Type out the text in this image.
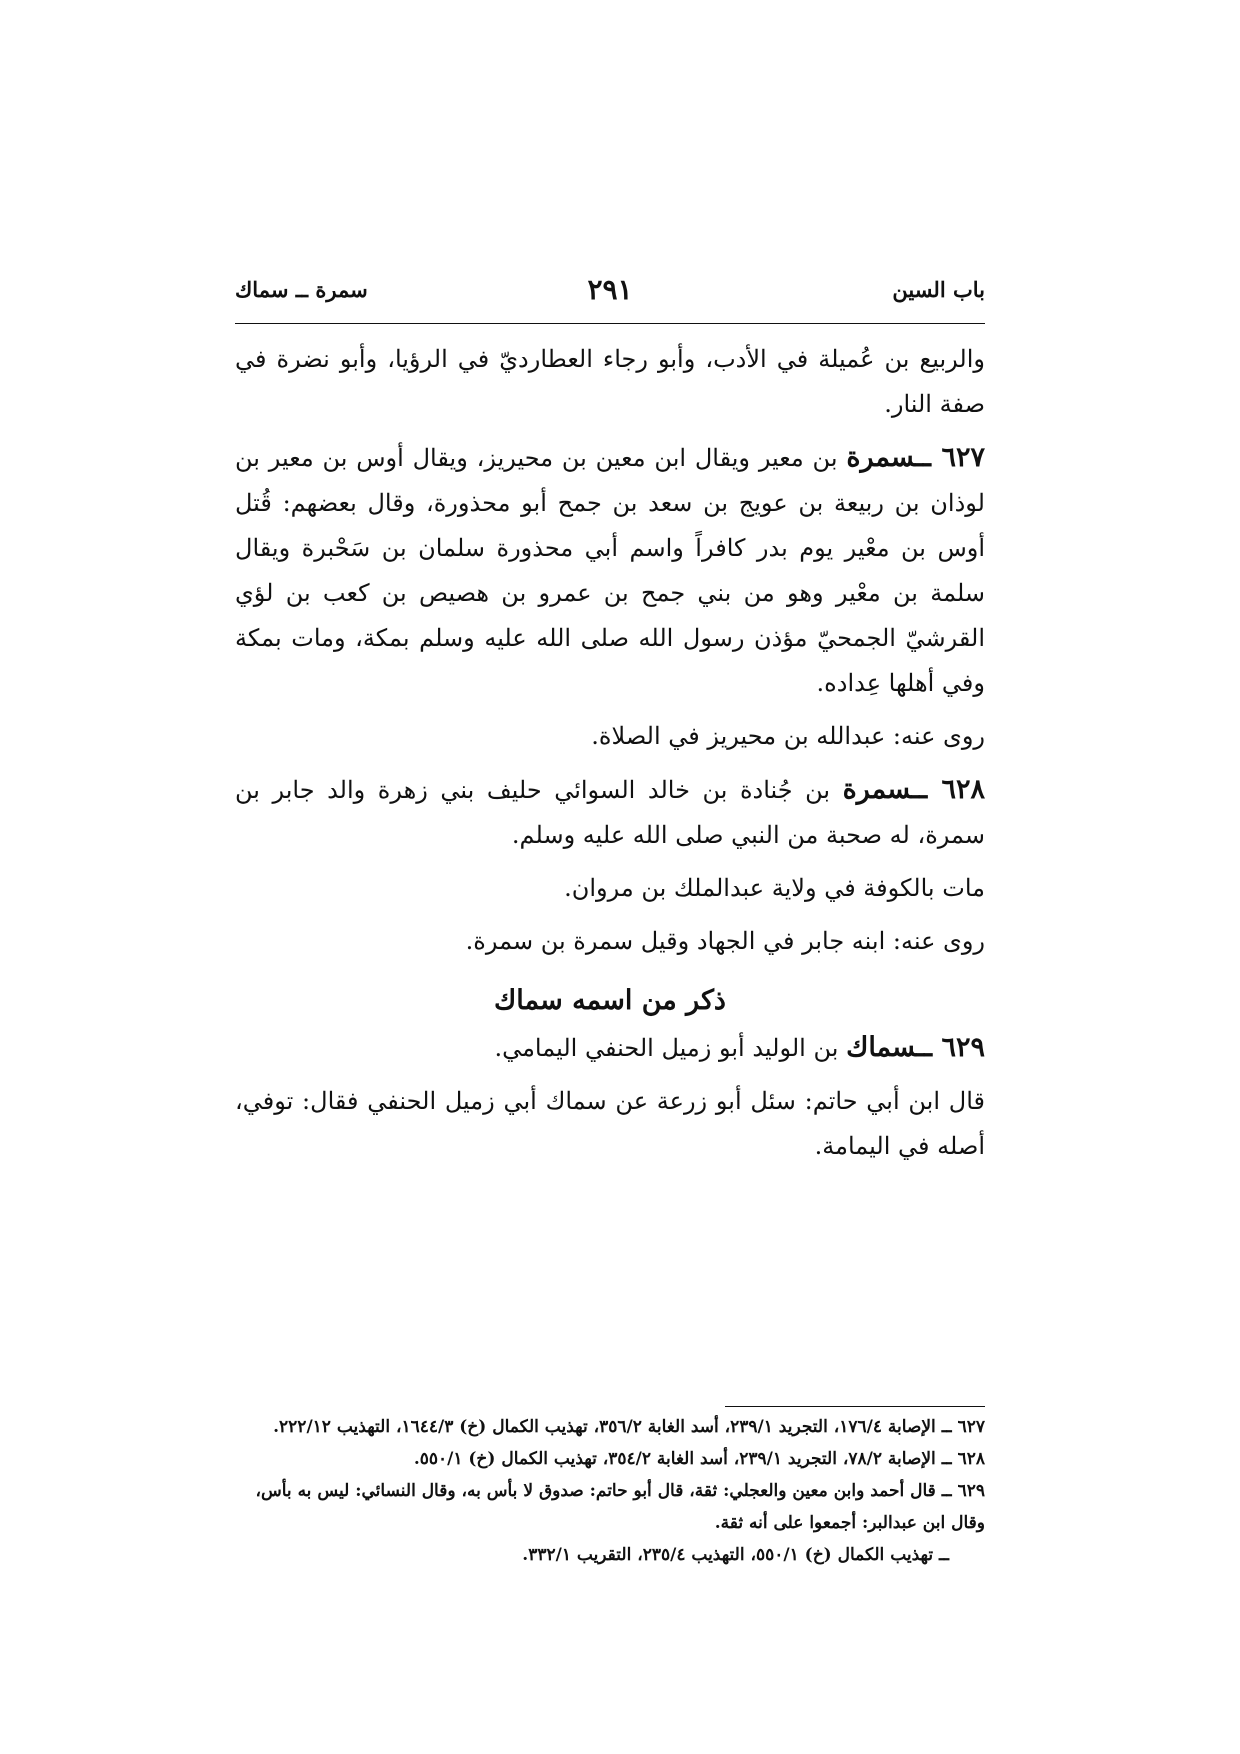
باب السين
٢٩١
سمرة ــ سماك

والربيع بن عُميلة في الأدب، وأبو رجاء العطارديّ في الرؤيا، وأبو نضرة في صفة النار.

٦٢٧ ــسمرة بن معير ويقال ابن معين بن محيريز، ويقال أوس بن معير بن لوذان بن ربيعة بن عويج بن سعد بن جمح أبو محذورة، وقال بعضهم: قُتل أوس بن معْير يوم بدر كافراً واسم أبي محذورة سلمان بن سَحْبرة ويقال سلمة بن معْير وهو من بني جمح بن عمرو بن هصيص بن كعب بن لؤي القرشيّ الجمحيّ مؤذن رسول الله صلى الله عليه وسلم بمكة، ومات بمكة وفي أهلها عِداده.

روى عنه: عبدالله بن محيريز في الصلاة.

٦٢٨ ــسمرة بن جُنادة بن خالد السوائي حليف بني زهرة والد جابر بن سمرة، له صحبة من النبي صلى الله عليه وسلم.

مات بالكوفة في ولاية عبدالملك بن مروان.

روى عنه: ابنه جابر في الجهاد وقيل سمرة بن سمرة.

ذكر من اسمه سماك

٦٢٩ ــسماك بن الوليد أبو زميل الحنفي اليمامي.

قال ابن أبي حاتم: سئل أبو زرعة عن سماك أبي زميل الحنفي فقال: توفي، أصله في اليمامة.

٦٢٧ ــ الإصابة ١٧٦/٤، التجريد ٢٣٩/١، أسد الغابة ٣٥٦/٢، تهذيب الكمال (خ) ١٦٤٤/٣، التهذيب ٢٢٢/١٢.

٦٢٨ ــ الإصابة ٧٨/٢، التجريد ٢٣٩/١، أسد الغابة ٣٥٤/٢، تهذيب الكمال (خ) ٥٥٠/١.

٦٢٩ ــ قال أحمد وابن معين والعجلي: ثقة، قال أبو حاتم: صدوق لا بأس به، وقال النسائي: ليس به بأس، وقال ابن عبدالبر: أجمعوا على أنه ثقة.

ــ تهذيب الكمال (خ) ٥٥٠/١، التهذيب ٢٣٥/٤، التقريب ٣٣٢/١.
